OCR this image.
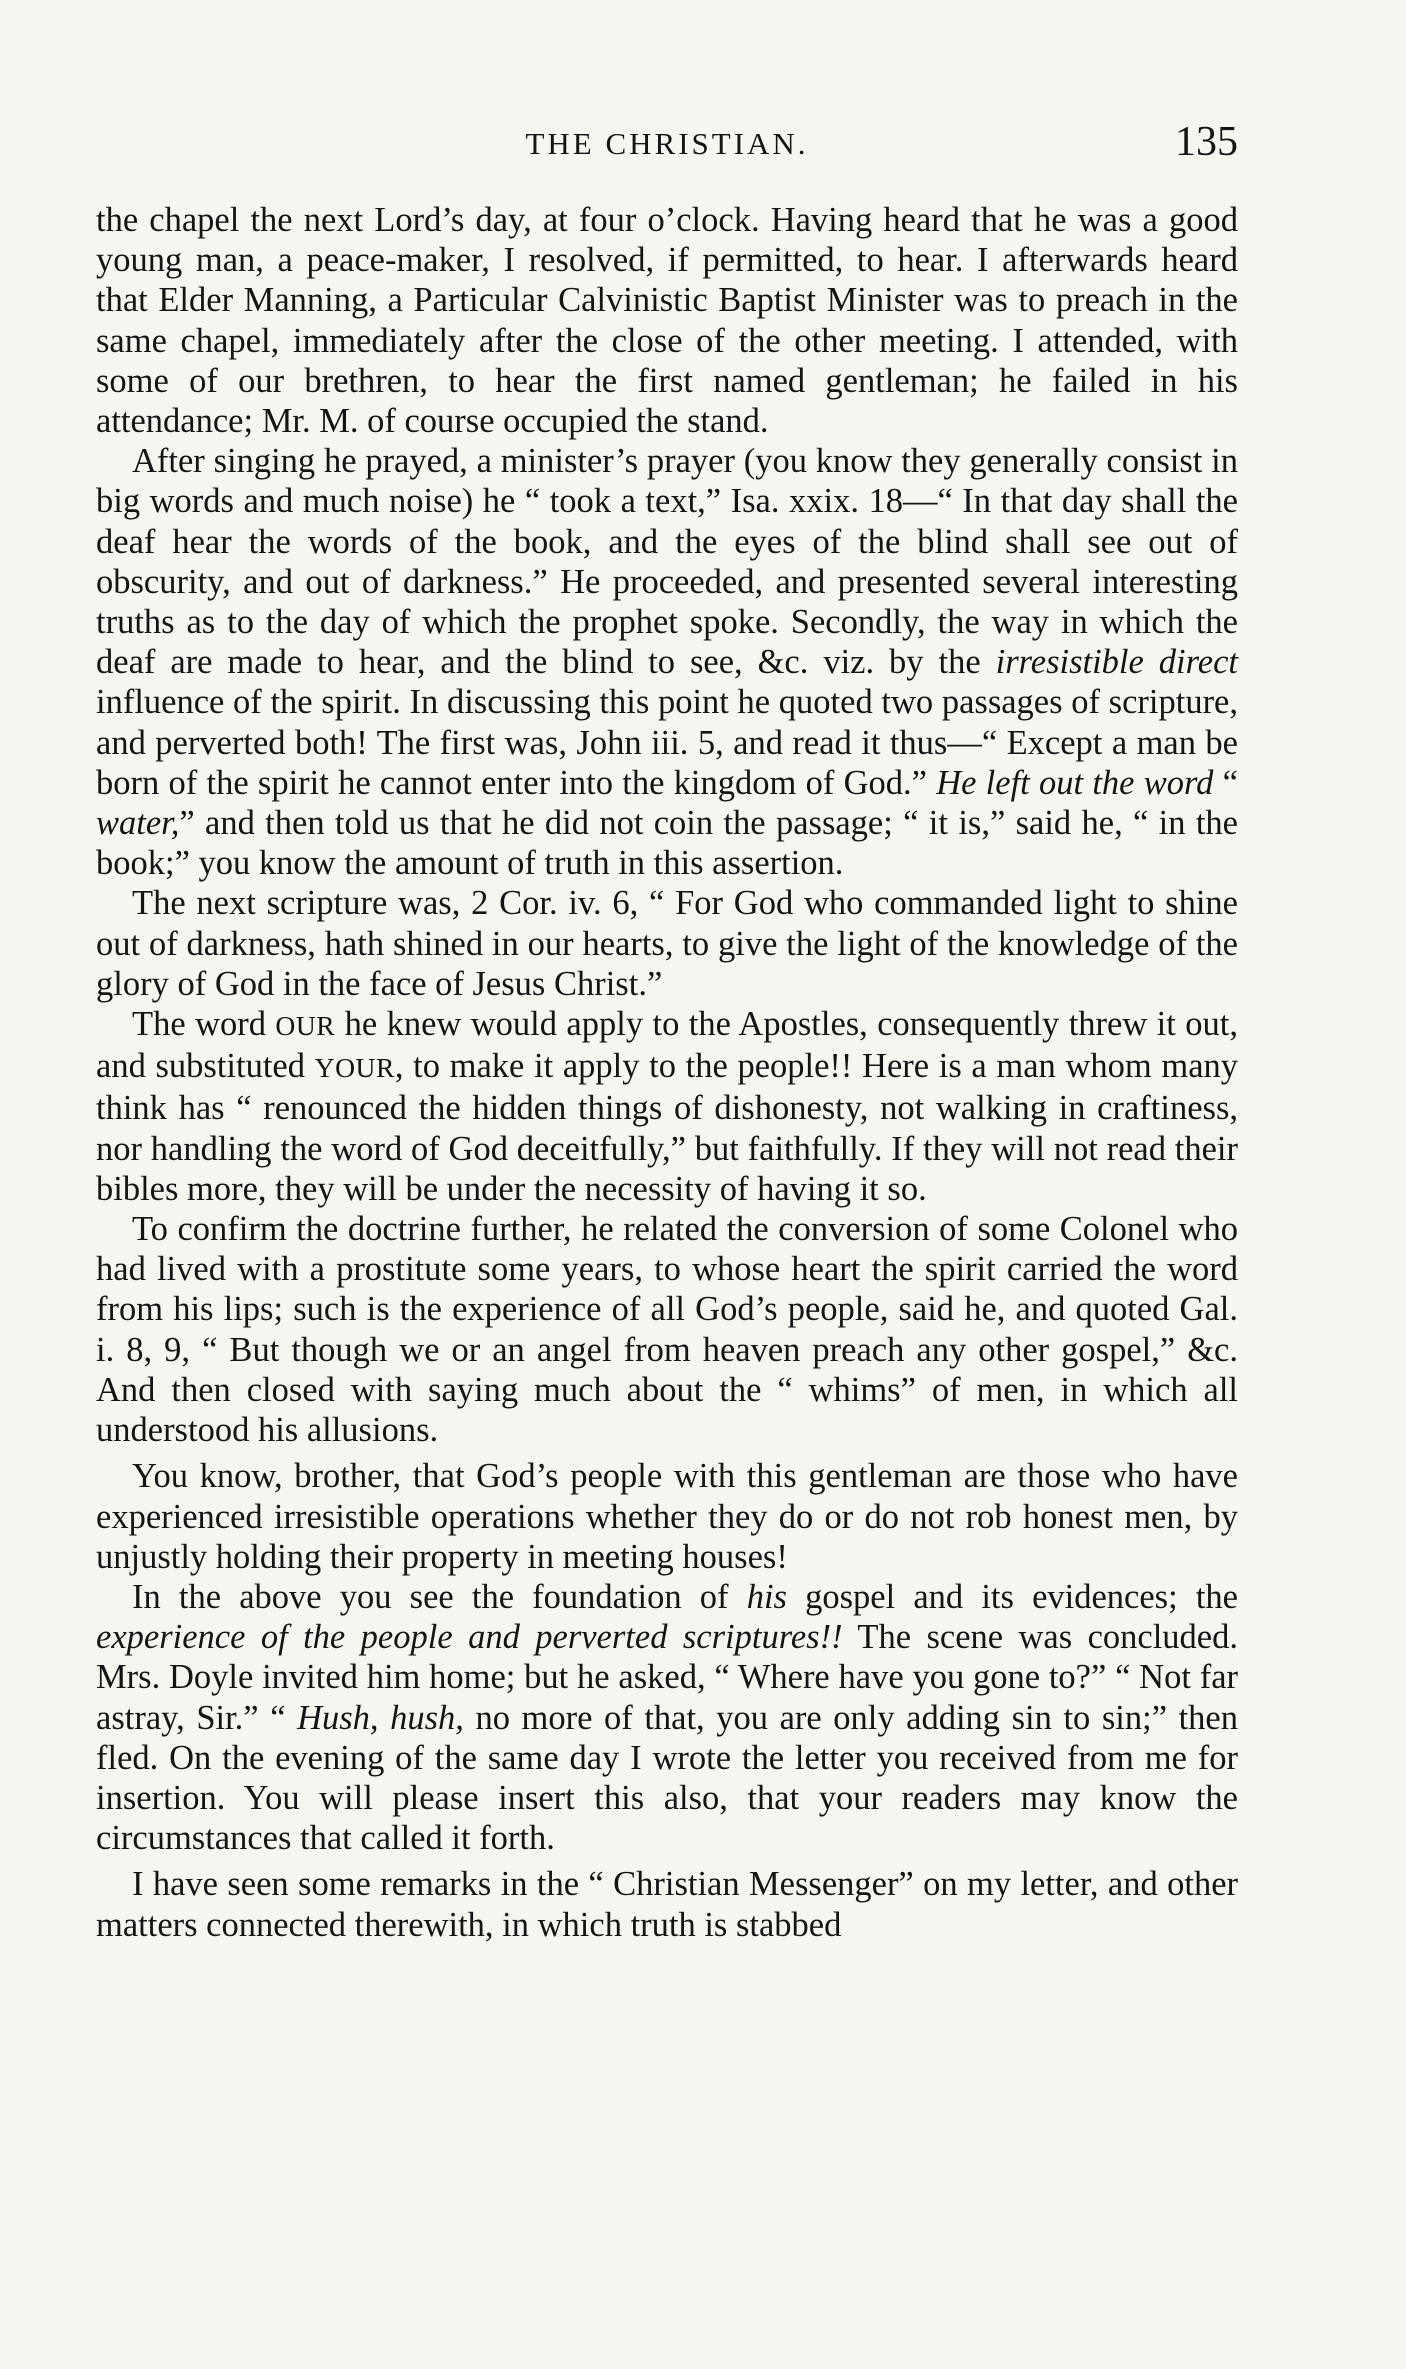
THE CHRISTIAN.	135

the chapel the next Lord’s day, at four o’clock. Having heard that he was a good young man, a peace-maker, I resolved, if permitted, to hear. I afterwards heard that Elder Manning, a Particular Calvinistic Baptist Minister was to preach in the same chapel, immediately after the close of the other meeting. I attended, with some of our brethren, to hear the first named gentleman; he failed in his attendance; Mr. M. of course occupied the stand.

After singing he prayed, a minister’s prayer (you know they generally consist in big words and much noise) he “ took a text,” Isa. xxix. 18—“ In that day shall the deaf hear the words of the book, and the eyes of the blind shall see out of obscurity, and out of darkness.” He proceeded, and presented several interesting truths as to the day of which the prophet spoke. Secondly, the way in which the deaf are made to hear, and the blind to see, &c. viz. by the irresistible direct influence of the spirit. In discussing this point he quoted two passages of scripture, and perverted both! The first was, John iii. 5, and read it thus—“ Except a man be born of the spirit he cannot enter into the kingdom of God.” He left out the word “ water,” and then told us that he did not coin the passage; “ it is,” said he, “ in the book;” you know the amount of truth in this assertion.

The next scripture was, 2 Cor. iv. 6, “ For God who commanded light to shine out of darkness, hath shined in our hearts, to give the light of the knowledge of the glory of God in the face of Jesus Christ.”

The word OUR he knew would apply to the Apostles, consequently threw it out, and substituted YOUR, to make it apply to the people!! Here is a man whom many think has “ renounced the hidden things of dishonesty, not walking in craftiness, nor handling the word of God deceitfully,” but faithfully. If they will not read their bibles more, they will be under the necessity of having it so.

To confirm the doctrine further, he related the conversion of some Colonel who had lived with a prostitute some years, to whose heart the spirit carried the word from his lips; such is the experience of all God’s people, said he, and quoted Gal. i. 8, 9, “ But though we or an angel from heaven preach any other gospel,” &c. And then closed with saying much about the “ whims” of men, in which all understood his allusions.

You know, brother, that God’s people with this gentleman are those who have experienced irresistible operations whether they do or do not rob honest men, by unjustly holding their property in meeting houses!

In the above you see the foundation of his gospel and its evidences; the experience of the people and perverted scriptures!! The scene was concluded. Mrs. Doyle invited him home; but he asked, “ Where have you gone to?” “ Not far astray, Sir.” “ Hush, hush, no more of that, you are only adding sin to sin;” then fled. On the evening of the same day I wrote the letter you received from me for insertion. You will please insert this also, that your readers may know the circumstances that called it forth.

I have seen some remarks in the “ Christian Messenger” on my letter, and other matters connected therewith, in which truth is stabbed
